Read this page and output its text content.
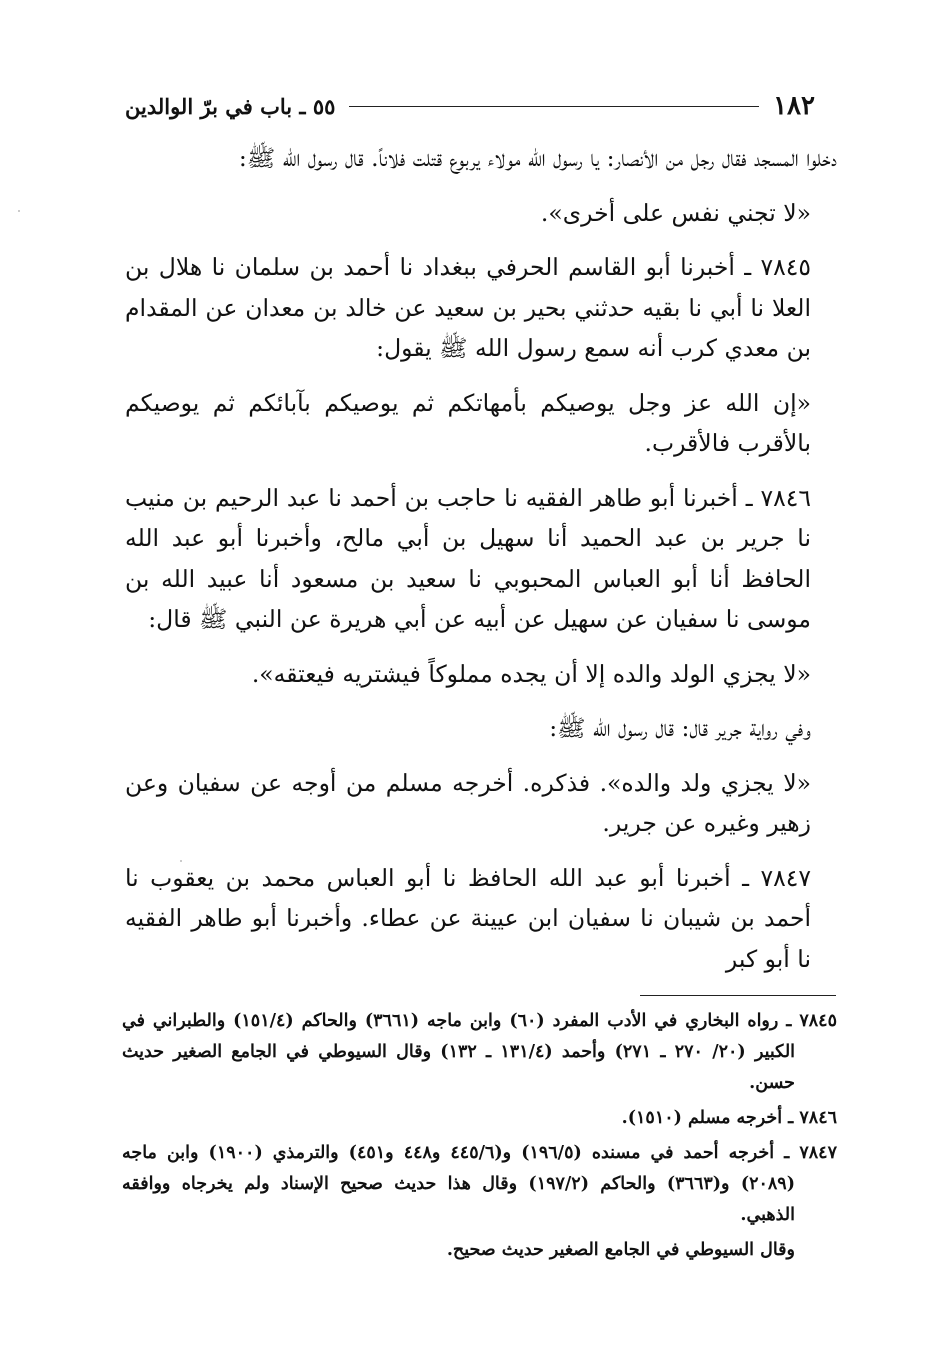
١٨٢
٥٥ ـ باب في برّ الوالدين

دخلوا المسجد فقال رجل من الأنصار: يا رسول الله مولاء يربوع قتلت فلاناً. قال رسول الله ﷺ:

«لا تجني نفس على أخرى».

٧٨٤٥ ـ أخبرنا أبو القاسم الحرفي ببغداد نا أحمد بن سلمان نا هلال بن العلا نا أبي نا بقيه حدثني بحير بن سعيد عن خالد بن معدان عن المقدام بن معدي كرب أنه سمع رسول الله ﷺ يقول:

«إن الله عز وجل يوصيكم بأمهاتكم ثم يوصيكم بآبائكم ثم يوصيكم بالأقرب فالأقرب.

٧٨٤٦ ـ أخبرنا أبو طاهر الفقيه نا حاجب بن أحمد نا عبد الرحيم بن منيب نا جرير بن عبد الحميد أنا سهيل بن أبي مالح، وأخبرنا أبو عبد الله الحافظ أنا أبو العباس المحبوبي نا سعيد بن مسعود أنا عبيد الله بن موسى نا سفيان عن سهيل عن أبيه عن أبي هريرة عن النبي ﷺ قال:

«لا يجزي الولد والده إلا أن يجده مملوكاً فيشتريه فيعتقه».

وفي رواية جرير قال: قال رسول الله ﷺ:

«لا يجزي ولد والده». فذكره. أخرجه مسلم من أوجه عن سفيان وعن زهير وغيره عن جرير.

٧٨٤٧ ـ أخبرنا أبو عبد الله الحافظ نا أبو العباس محمد بن يعقوب نا أحمد بن شيبان نا سفيان ابن عيينة عن عطاء. وأخبرنا أبو طاهر الفقيه نا أبو كبر

٧٨٤٥ ـ رواه البخاري في الأدب المفرد (٦٠) وابن ماجه (٣٦٦١) والحاكم (١٥١/٤) والطبراني في الكبير (٢٠/ ٢٧٠ ـ ٢٧١) وأحمد (١٣١/٤ ـ ١٣٢) وقال السيوطي في الجامع الصغير حديث حسن.

٧٨٤٦ ـ أخرجه مسلم (١٥١٠).

٧٨٤٧ ـ أخرجه أحمد في مسنده (١٩٦/٥) و(٤٤٥/٦ و٤٤٨ و٤٥١) والترمذي (١٩٠٠) وابن ماجه (٢٠٨٩) و(٣٦٦٣) والحاكم (١٩٧/٢) وقال هذا حديث صحيح الإسناد ولم يخرجاه ووافقه الذهبي.

وقال السيوطي في الجامع الصغير حديث صحيح.
